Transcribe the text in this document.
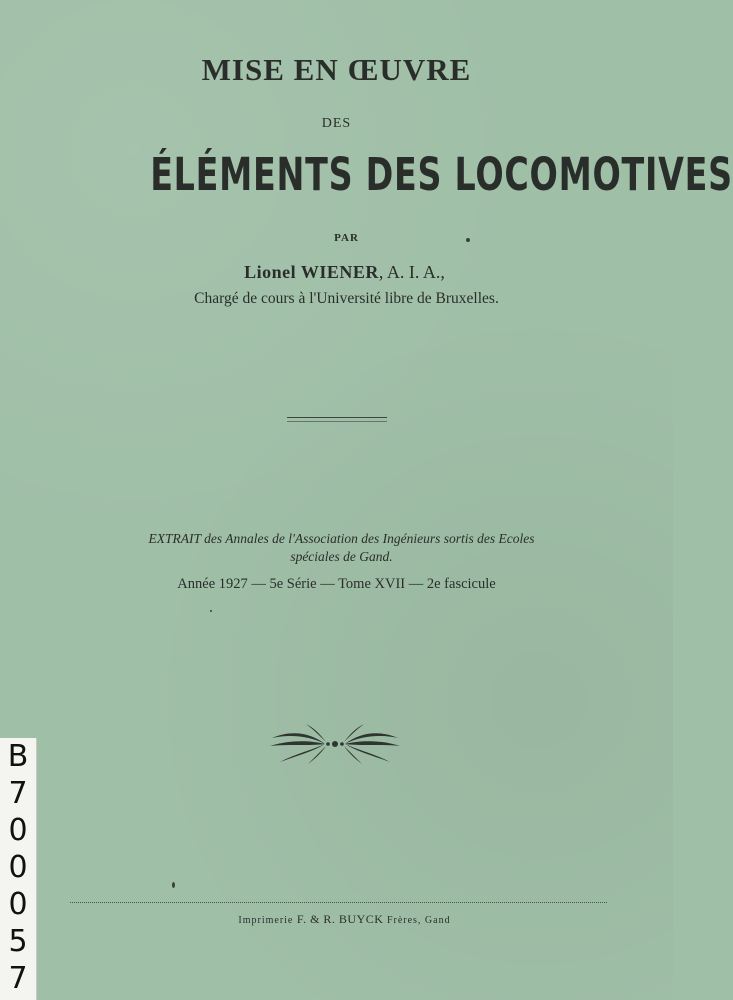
MISE EN ŒUVRE
DES
ÉLÉMENTS DES LOCOMOTIVES
PAR
Lionel WIENER, A. I. A.,
Chargé de cours à l'Université libre de Bruxelles.
EXTRAIT des Annales de l'Association des Ingénieurs sortis des Ecoles
spéciales de Gand.
Année 1927 — 5e Série — Tome XVII — 2e fascicule
Imprimerie F. & R. BUYCK Frères, Gand
B
7
0
0
0
5
7
